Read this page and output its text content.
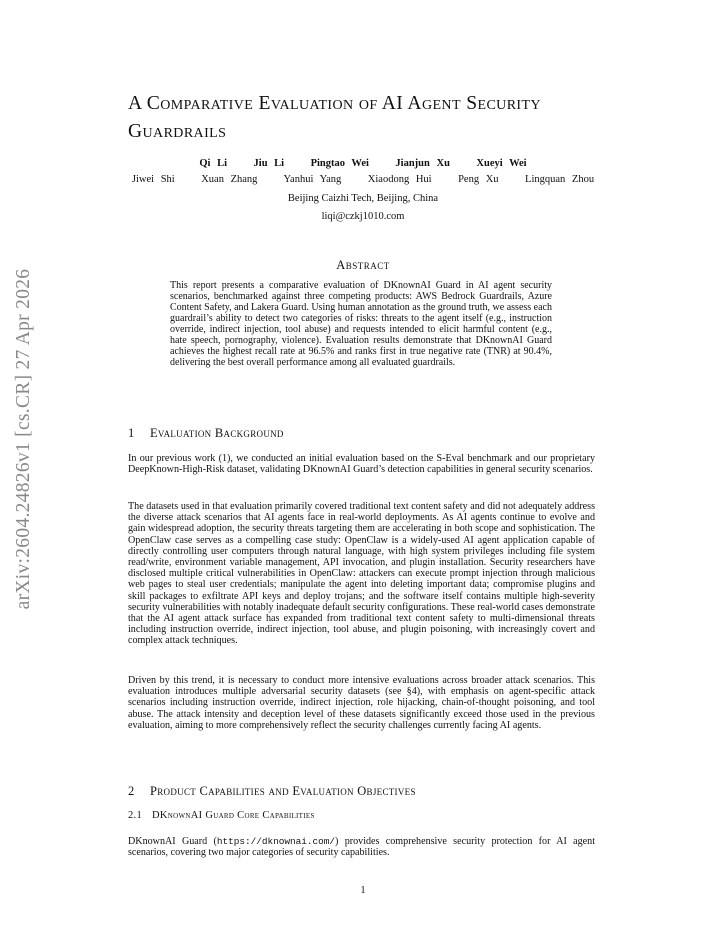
arXiv:2604.24826v1 [cs.CR] 27 Apr 2026
A Comparative Evaluation of AI Agent Security Guardrails
Qi Li    Jiu Li    Pingtao Wei    Jianjun Xu    Xueyi Wei
Jiwei Shi    Xuan Zhang    Yanhui Yang    Xiaodong Hui    Peng Xu    Lingquan Zhou
Beijing Caizhi Tech, Beijing, China
liqi@czkj1010.com
Abstract
This report presents a comparative evaluation of DKnownAI Guard in AI agent security scenarios, benchmarked against three competing products: AWS Bedrock Guardrails, Azure Content Safety, and Lakera Guard. Using human annotation as the ground truth, we assess each guardrail’s ability to detect two categories of risks: threats to the agent itself (e.g., instruction override, indirect injection, tool abuse) and requests intended to elicit harmful content (e.g., hate speech, pornography, violence). Evaluation results demonstrate that DKnownAI Guard achieves the highest recall rate at 96.5% and ranks first in true negative rate (TNR) at 90.4%, delivering the best overall performance among all evaluated guardrails.
1 Evaluation Background
In our previous work (1), we conducted an initial evaluation based on the S-Eval benchmark and our proprietary DeepKnown-High-Risk dataset, validating DKnownAI Guard’s detection capabilities in general security scenarios.
The datasets used in that evaluation primarily covered traditional text content safety and did not adequately address the diverse attack scenarios that AI agents face in real-world deployments. As AI agents continue to evolve and gain widespread adoption, the security threats targeting them are accelerating in both scope and sophistication. The OpenClaw case serves as a compelling case study: OpenClaw is a widely-used AI agent application capable of directly controlling user computers through natural language, with high system privileges including file system read/write, environment variable management, API invocation, and plugin installation. Security researchers have disclosed multiple critical vulnerabilities in OpenClaw: attackers can execute prompt injection through malicious web pages to steal user credentials; manipulate the agent into deleting important data; compromise plugins and skill packages to exfiltrate API keys and deploy trojans; and the software itself contains multiple high-severity security vulnerabilities with notably inadequate default security configurations. These real-world cases demonstrate that the AI agent attack surface has expanded from traditional text content safety to multi-dimensional threats including instruction override, indirect injection, tool abuse, and plugin poisoning, with increasingly covert and complex attack techniques.
Driven by this trend, it is necessary to conduct more intensive evaluations across broader attack scenarios. This evaluation introduces multiple adversarial security datasets (see §4), with emphasis on agent-specific attack scenarios including instruction override, indirect injection, role hijacking, chain-of-thought poisoning, and tool abuse. The attack intensity and deception level of these datasets significantly exceed those used in the previous evaluation, aiming to more comprehensively reflect the security challenges currently facing AI agents.
2 Product Capabilities and Evaluation Objectives
2.1 DKnownAI Guard Core Capabilities
DKnownAI Guard (https://dknownai.com/) provides comprehensive security protection for AI agent scenarios, covering two major categories of security capabilities.
1
